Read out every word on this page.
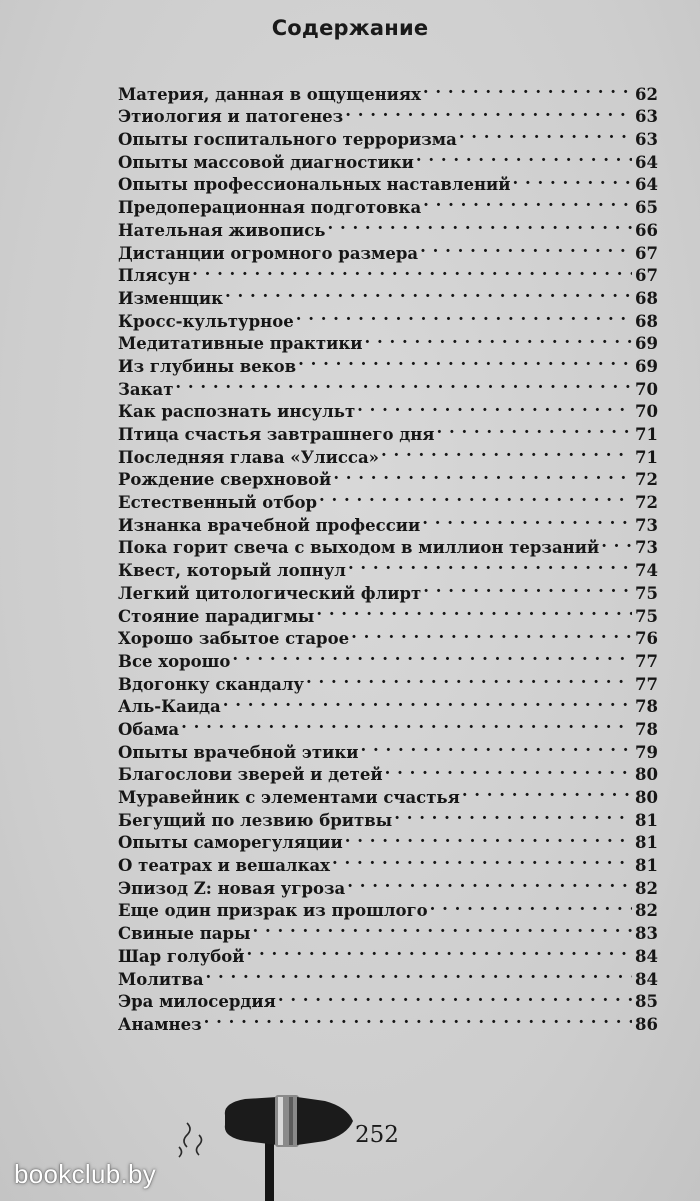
Содержание
Материя, данная в ощущениях . . .	62
Этиология и патогенез . . .	63
Опыты госпитального терроризма . . .	63
Опыты массовой диагностики . . .	64
Опыты профессиональных наставлений . . .	64
Предоперационная подготовка . . .	65
Нательная живопись . . .	66
Дистанции огромного размера . . .	67
Плясун . . .	67
Изменщик . . .	68
Кросс-культурное . . .	68
Медитативные практики . . .	69
Из глубины веков . . .	69
Закат . . .	70
Как распознать инсульт . . .	70
Птица счастья завтрашнего дня . . .	71
Последняя глава «Улисса» . . .	71
Рождение сверхновой . . .	72
Естественный отбор . . .	72
Изнанка врачебной профессии . . .	73
Пока горит свеча с выходом в миллион терзаний . . . 73
Квест, который лопнул . . .	74
Легкий цитологический флирт . . .	75
Стояние парадигмы . . .	75
Хорошо забытое старое . . .	76
Все хорошо . . .	77
Вдогонку скандалу . . .	77
Аль-Каида . . .	78
Обама . . .	78
Опыты врачебной этики . . .	79
Благослови зверей и детей . . .	80
Муравейник с элементами счастья . . .	80
Бегущий по лезвию бритвы . . .	81
Опыты саморегуляции . . .	81
О театрах и вешалках . . .	81
Эпизод Z: новая угроза . . .	82
Еще один призрак из прошлого . . .	82
Свиные пары . . .	83
Шар голубой . . .	84
Молитва . . .	84
Эра милосердия . . .	85
Анамнез . . .	86
252
bookclub.by
